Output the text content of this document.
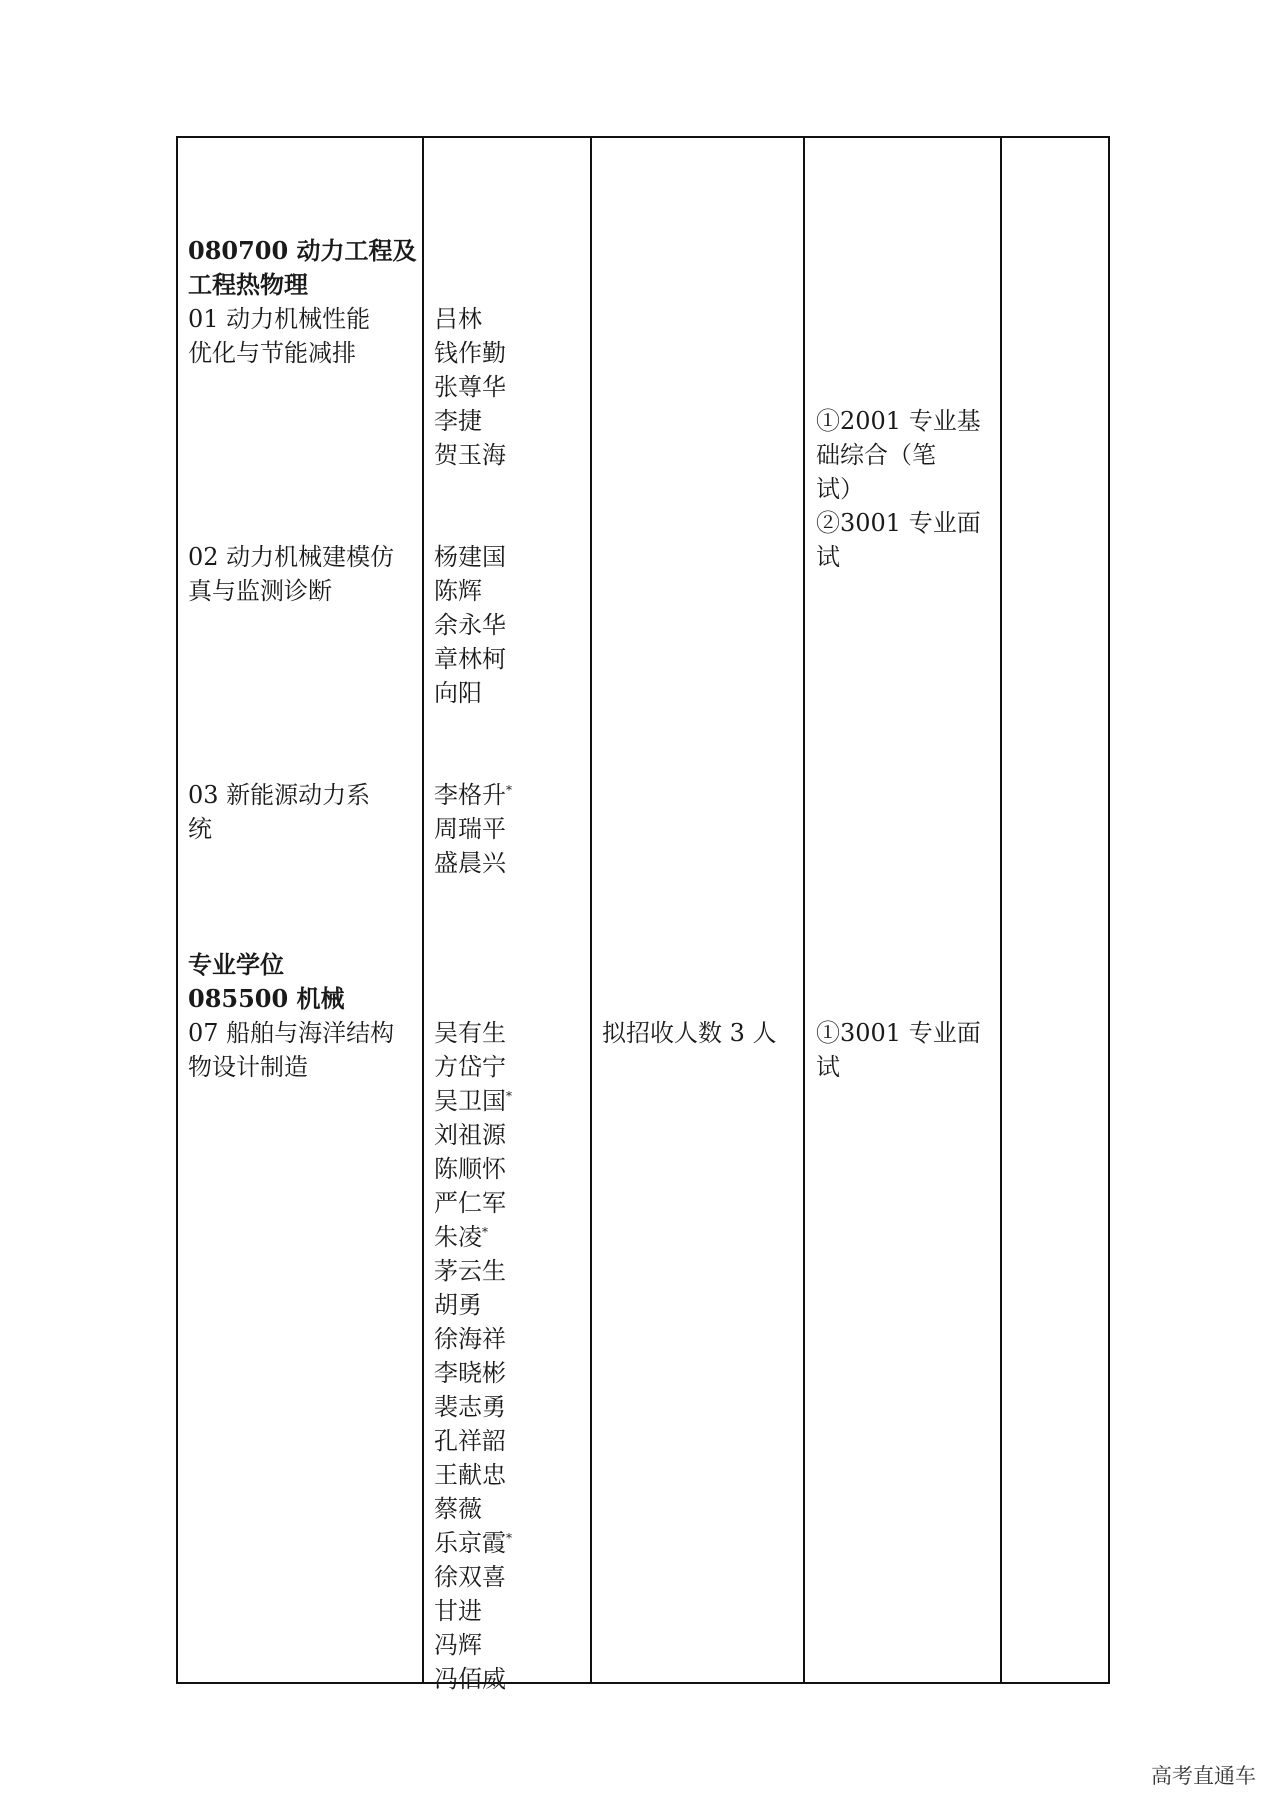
080700 动力工程及
工程热物理
01 动力机械性能
优化与节能减排
02 动力机械建模仿
真与监测诊断
03 新能源动力系
统
专业学位
085500 机械
07 船舶与海洋结构
物设计制造
吕林
钱作勤
张尊华
李捷
贺玉海
杨建国
陈辉
余永华
章林柯
向阳
李格升*
周瑞平
盛晨兴
吴有生
方岱宁
吴卫国*
刘祖源
陈顺怀
严仁军
朱凌*
茅云生
胡勇
徐海祥
李晓彬
裴志勇
孔祥韶
王献忠
蔡薇
乐京霞*
徐双喜
甘进
冯辉
冯佰威
拟招收人数 3 人
①2001 专业基
础综合（笔
试）
②3001 专业面
试
①3001 专业面
试
高考直通车
